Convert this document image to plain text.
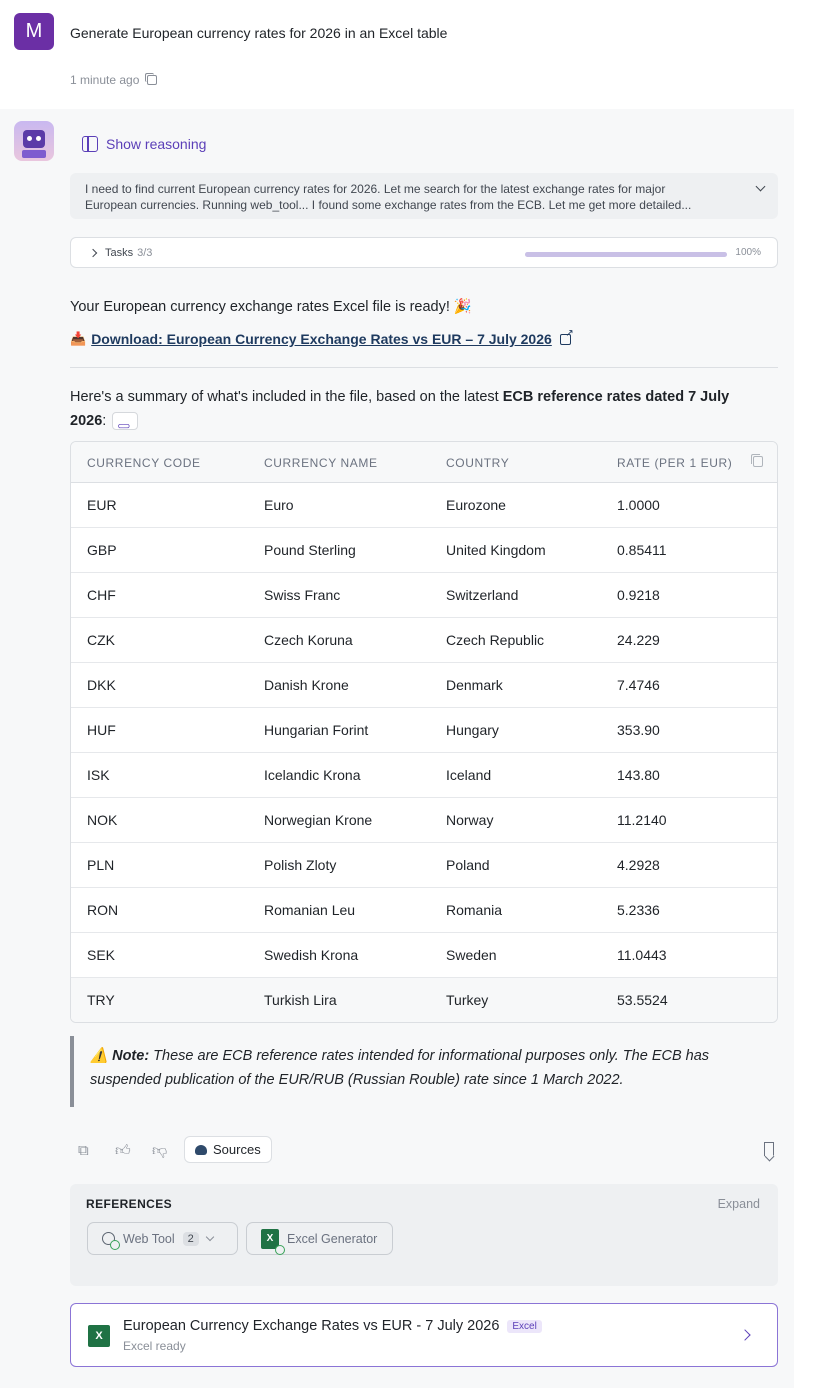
M	Generate European currency rates for 2026 in an Excel table
1 minute ago
Show reasoning
I need to find current European currency rates for 2026. Let me search for the latest exchange rates for major
European currencies. Running web_tool... I found some exchange rates from the ECB. Let me get more detailed...
Tasks 3/3	100%
Your European currency exchange rates Excel file is ready! 🎉
📥 Download: European Currency Exchange Rates vs EUR – 7 July 2026
↗
Here's a summary of what's included in the file, based on the latest ECB reference rates dated 7 July 2026:⊂⊃
CURRENCY CODE	CURRENCY NAME	COUNTRY	RATE (PER 1 EUR)
EUR	Euro	Eurozone	1.0000
GBP	Pound Sterling	United Kingdom	0.85411
CHF	Swiss Franc	Switzerland	0.9218
CZK	Czech Koruna	Czech Republic	24.229
DKK	Danish Krone	Denmark	7.4746
HUF	Hungarian Forint	Hungary	353.90
ISK	Icelandic Krona	Iceland	143.80
NOK	Norwegian Krone	Norway	11.2140
PLN	Polish Zloty	Poland	4.2928
RON	Romanian Leu	Romania	5.2336
SEK	Swedish Krona	Sweden	11.0443
TRY	Turkish Lira	Turkey	53.5524
⚠️ Note: These are ECB reference rates intended for informational purposes only. The ECB has suspended publication of the EUR/RUB (Russian Rouble) rate since 1 March 2022.
⧉ 👍︎ 👎︎	Sources
REFERENCES	Expand
Web Tool	2	X Excel Generator
X
European Currency Exchange Rates vs EUR - 7 July 2026	Excel
Excel ready
